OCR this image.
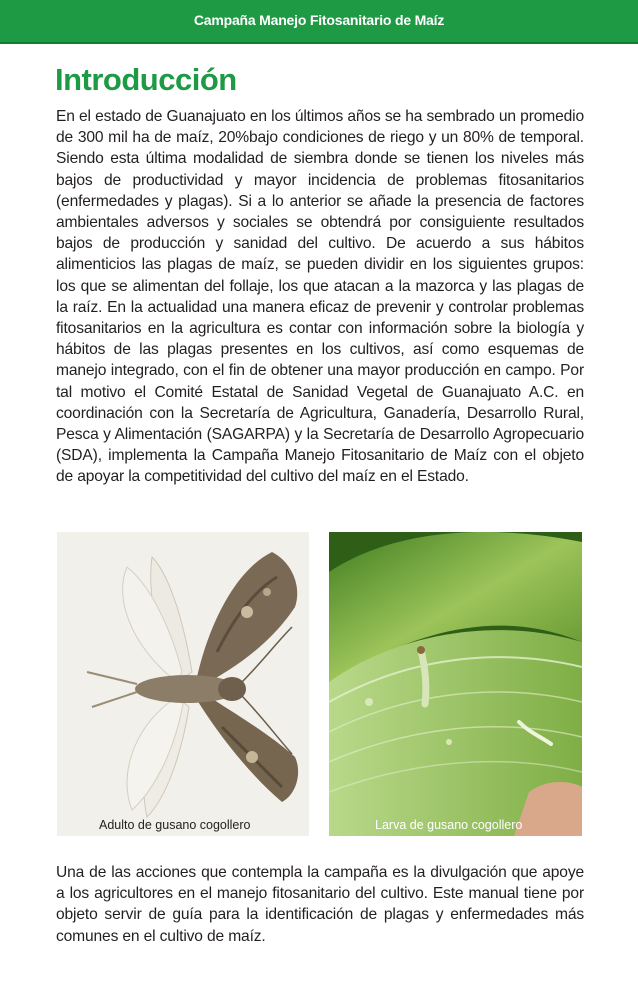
Campaña Manejo Fitosanitario de Maíz
Introducción

En el estado de Guanajuato en los últimos años se ha sembrado un promedio de 300 mil ha de maíz, 20%bajo condiciones de riego y un 80% de temporal. Siendo esta última modalidad de siembra donde se tienen los niveles más bajos de productividad y mayor incidencia de problemas fitosanitarios (enfermedades y plagas). Si a lo anterior se añade la presencia de factores ambientales adversos y sociales se obtendrá por consiguiente resultados bajos de producción y sanidad del cultivo. De acuerdo a sus hábitos alimenticios las plagas de maíz, se pueden dividir en los siguientes grupos: los que se alimentan del follaje, los que atacan a la mazorca y las plagas de la raíz. En la actualidad una manera eficaz de prevenir y controlar problemas fitosanitarios en la agricultura es contar con información sobre la biología y hábitos de las plagas presentes en los cultivos, así como esquemas de manejo integrado, con el fin de obtener una mayor producción en campo. Por tal motivo el Comité Estatal de Sanidad Vegetal de Guanajuato A.C. en coordinación con la Secretaría de Agricultura, Ganadería, Desarrollo Rural, Pesca y Alimentación (SAGARPA) y la Secretaría de Desarrollo Agropecuario (SDA), implementa la Campaña Manejo Fitosanitario de Maíz con el objeto de apoyar la competitividad del cultivo del maíz en el Estado.

Adulto de gusano cogollero	Larva de gusano cogollero

Una de las acciones que contempla la campaña es la divulgación que apoye a los agricultores en el manejo fitosanitario del cultivo. Este manual tiene por objeto servir de guía para la identificación de plagas y enfermedades más comunes en el cultivo de maíz.
